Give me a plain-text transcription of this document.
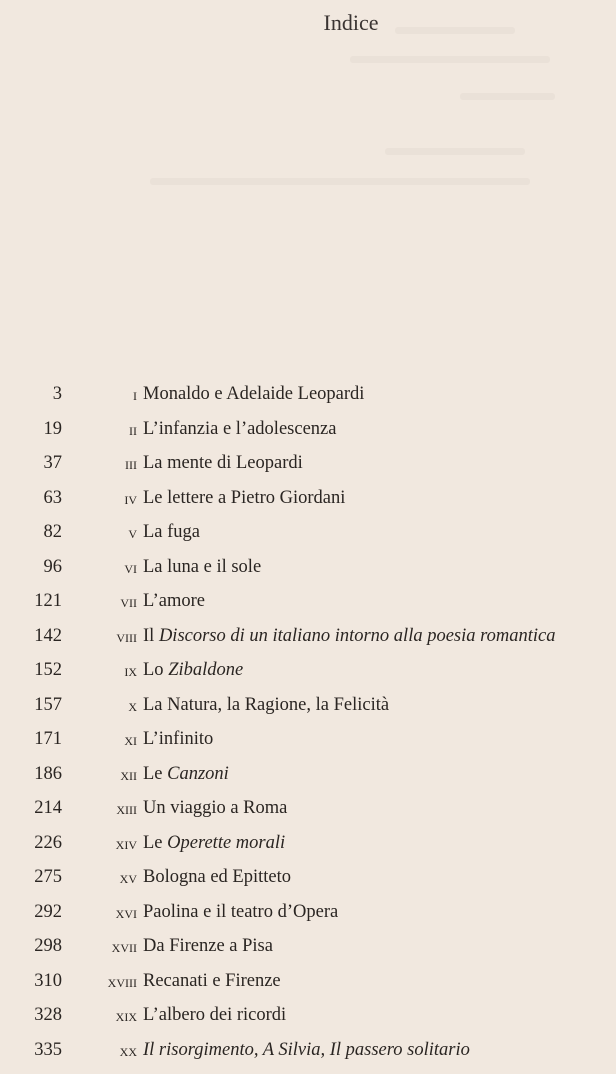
Indice
3	i Monaldo e Adelaide Leopardi
19	ii L’infanzia e l’adolescenza
37	iii La mente di Leopardi
63	iv Le lettere a Pietro Giordani
82	v La fuga
96	vi La luna e il sole
121	vii L’amore
142	viii Il Discorso di un italiano intorno alla poesia romantica
152	ix Lo Zibaldone
157	x La Natura, la Ragione, la Felicità
171	xi L’infinito
186	xii Le Canzoni
214	xiii Un viaggio a Roma
226	xiv Le Operette morali
275	xv Bologna ed Epitteto
292	xvi Paolina e il teatro d’Opera
298	xvii Da Firenze a Pisa
310	xviii Recanati e Firenze
328	xix L’albero dei ricordi
335	xx Il risorgimento, A Silvia, Il passero solitario
